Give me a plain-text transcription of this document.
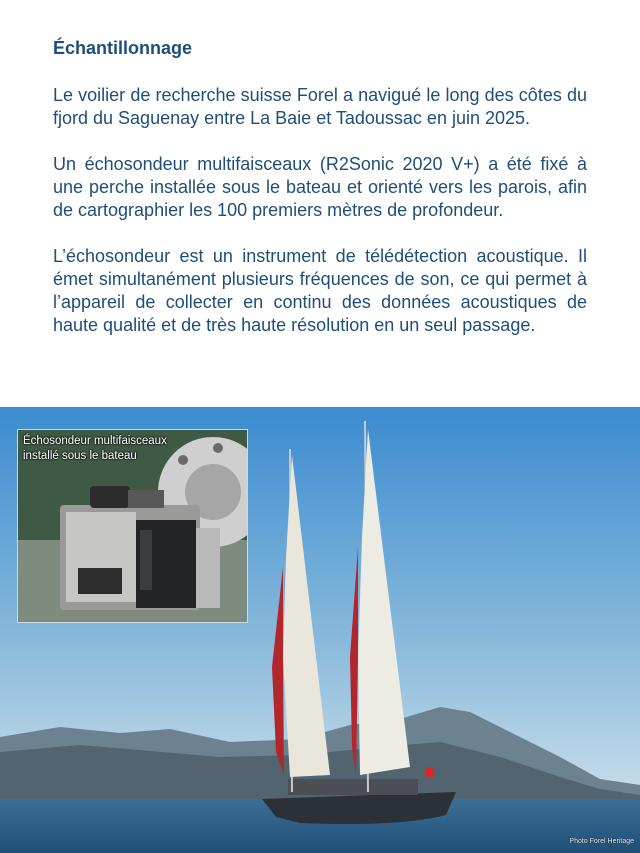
Échantillonnage

Le voilier de recherche suisse Forel a navigué le long des côtes du fjord du Saguenay entre La Baie et Tadoussac en juin 2025.

Un échosondeur multifaisceaux (R2Sonic 2020 V+) a été fixé à une perche installée sous le bateau et orienté vers les parois, afin de cartographier les 100 premiers mètres de profondeur.

L’échosondeur est un instrument de télédétection acoustique. Il émet simultanément plusieurs fréquences de son, ce qui permet à l’appareil de collecter en continu des données acoustiques de haute qualité et de très haute résolution en un seul passage.

Photo Forel Heritage
Échosondeur multifaisceaux
installé sous le bateau
